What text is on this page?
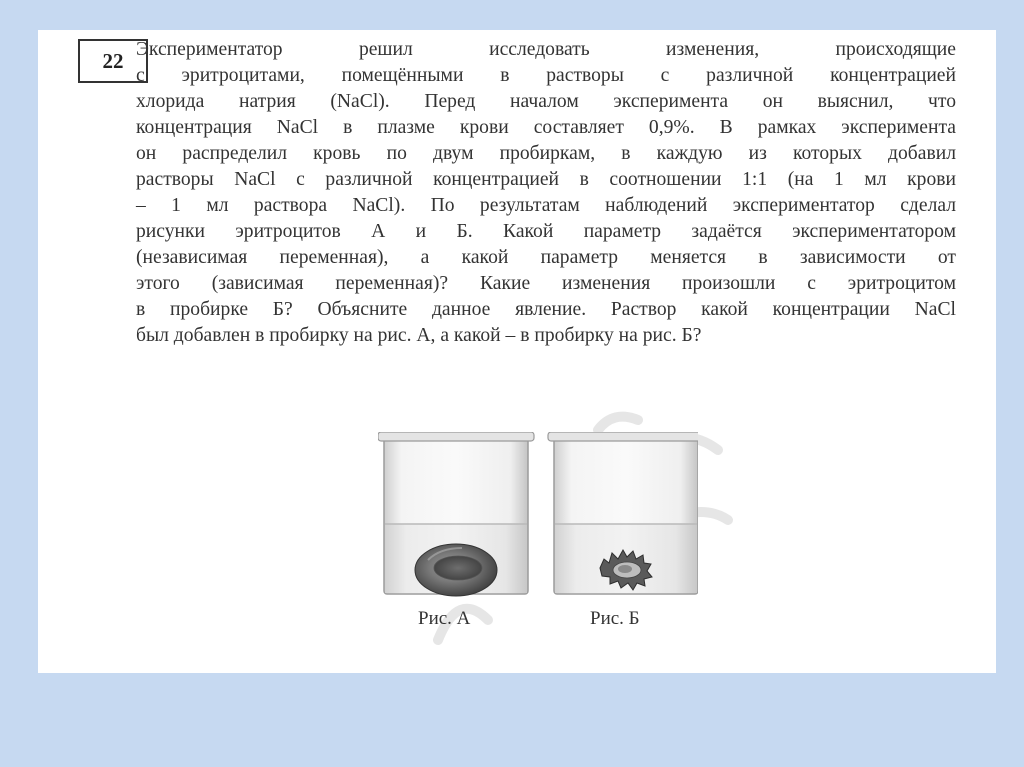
22 Экспериментатор решил исследовать изменения, происходящие
с эритроцитами, помещёнными в растворы с различной концентрацией
хлорида натрия (NaCl). Перед началом эксперимента он выяснил, что
концентрация NaCl в плазме крови составляет 0,9%. В рамках эксперимента
он распределил кровь по двум пробиркам, в каждую из которых добавил
растворы NaCl с различной концентрацией в соотношении 1:1 (на 1 мл крови
– 1 мл раствора NaCl). По результатам наблюдений экспериментатор сделал
рисунки эритроцитов А и Б. Какой параметр задаётся экспериментатором
(независимая переменная), а какой параметр меняется в зависимости от
этого (зависимая переменная)? Какие изменения произошли с эритроцитом
в пробирке Б? Объясните данное явление. Раствор какой концентрации NaCl
был добавлен в пробирку на рис. А, а какой – в пробирку на рис. Б?

Рис. А	Рис. Б
